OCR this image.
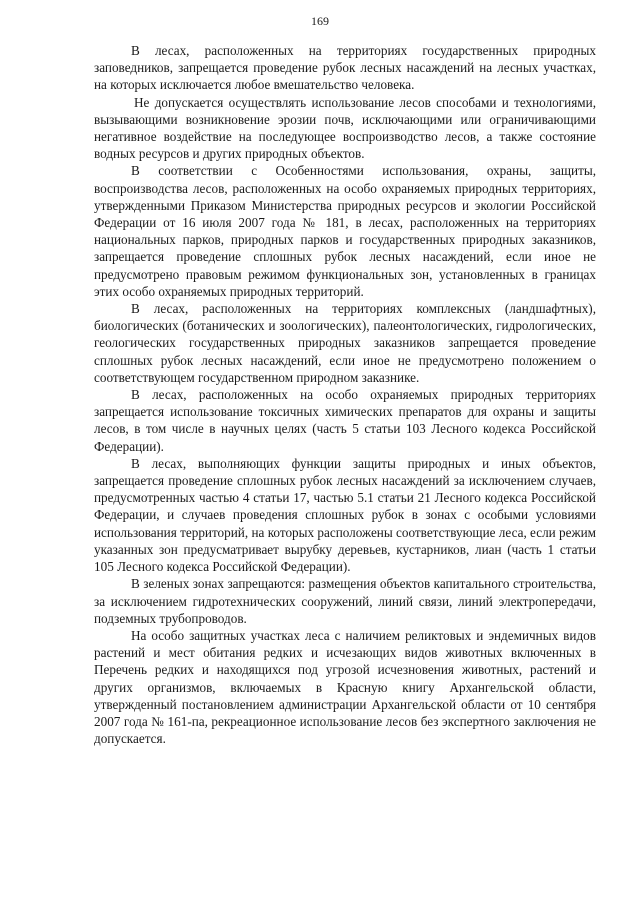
169

В лесах, расположенных на территориях государственных природных заповедников, запрещается проведение рубок лесных насаждений на лесных участках, на которых исключается любое вмешательство человека.

Не допускается осуществлять использование лесов способами и технологиями, вызывающими возникновение эрозии почв, исключающими или ограничивающими негативное воздействие на последующее воспроизводство лесов, а также состояние водных ресурсов и других природных объектов.

В соответствии с Особенностями использования, охраны, защиты, воспроизводства лесов, расположенных на особо охраняемых природных территориях, утвержденными Приказом Министерства природных ресурсов и экологии Российской Федерации от 16 июля 2007 года № 181, в лесах, расположенных на территориях национальных парков, природных парков и государственных природных заказников, запрещается проведение сплошных рубок лесных насаждений, если иное не предусмотрено правовым режимом функциональных зон, установленных в границах этих особо охраняемых природных территорий.

В лесах, расположенных на территориях комплексных (ландшафтных), биологических (ботанических и зоологических), палеонтологических, гидрологических, геологических государственных природных заказников запрещается проведение сплошных рубок лесных насаждений, если иное не предусмотрено положением о соответствующем государственном природном заказнике.

В лесах, расположенных на особо охраняемых природных территориях запрещается использование токсичных химических препаратов для охраны и защиты лесов, в том числе в научных целях (часть 5 статьи 103 Лесного кодекса Российской Федерации).

В лесах, выполняющих функции защиты природных и иных объектов, запрещается проведение сплошных рубок лесных насаждений за исключением случаев, предусмотренных частью 4 статьи 17, частью 5.1 статьи 21 Лесного кодекса Российской Федерации, и случаев проведения сплошных рубок в зонах с особыми условиями использования территорий, на которых расположены соответствующие леса, если режим указанных зон предусматривает вырубку деревьев, кустарников, лиан (часть 1 статьи 105 Лесного кодекса Российской Федерации).

В зеленых зонах запрещаются: размещения объектов капитального строительства, за исключением гидротехнических сооружений, линий связи, линий электропередачи, подземных трубопроводов.

На особо защитных участках леса с наличием реликтовых и эндемичных видов растений и мест обитания редких и исчезающих видов животных включенных в Перечень редких и находящихся под угрозой исчезновения животных, растений и других организмов, включаемых в Красную книгу Архангельской области, утвержденный постановлением администрации Архангельской области от 10 сентября 2007 года № 161-па, рекреационное использование лесов без экспертного заключения не допускается.
